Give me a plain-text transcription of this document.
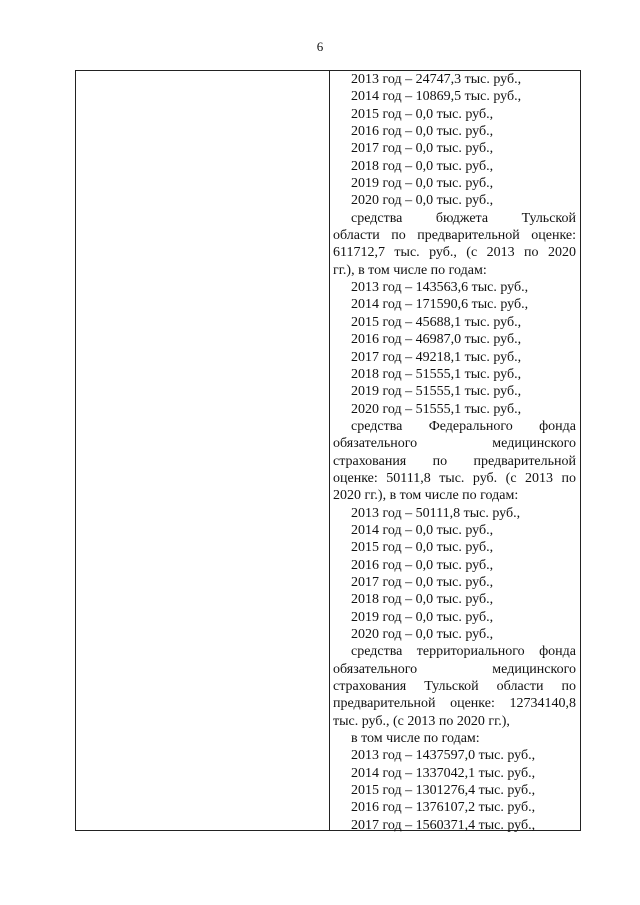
6
2013 год – 24747,3 тыс. руб.,
2014 год – 10869,5 тыс. руб.,
2015 год – 0,0 тыс. руб.,
2016 год – 0,0 тыс. руб.,
2017 год – 0,0 тыс. руб.,
2018 год – 0,0 тыс. руб.,
2019 год – 0,0 тыс. руб.,
2020 год – 0,0 тыс. руб.,
средства бюджета Тульской
области по предварительной оценке:
611712,7 тыс. руб., (с 2013 по 2020
гг.), в том числе по годам:
2013 год – 143563,6 тыс. руб.,
2014 год – 171590,6 тыс. руб.,
2015 год – 45688,1 тыс. руб.,
2016 год – 46987,0 тыс. руб.,
2017 год – 49218,1 тыс. руб.,
2018 год – 51555,1 тыс. руб.,
2019 год – 51555,1 тыс. руб.,
2020 год – 51555,1 тыс. руб.,
средства Федерального фонда
обязательного медицинского
страхования по предварительной
оценке: 50111,8 тыс. руб. (с 2013 по
2020 гг.), в том числе по годам:
2013 год – 50111,8 тыс. руб.,
2014 год – 0,0 тыс. руб.,
2015 год – 0,0 тыс. руб.,
2016 год – 0,0 тыс. руб.,
2017 год – 0,0 тыс. руб.,
2018 год – 0,0 тыс. руб.,
2019 год – 0,0 тыс. руб.,
2020 год – 0,0 тыс. руб.,
средства территориального фонда
обязательного медицинского
страхования Тульской области по
предварительной оценке: 12734140,8
тыс. руб., (с 2013 по 2020 гг.),
в том числе по годам:
2013 год – 1437597,0 тыс. руб.,
2014 год – 1337042,1 тыс. руб.,
2015 год – 1301276,4 тыс. руб.,
2016 год – 1376107,2 тыс. руб.,
2017 год – 1560371,4 тыс. руб.,
